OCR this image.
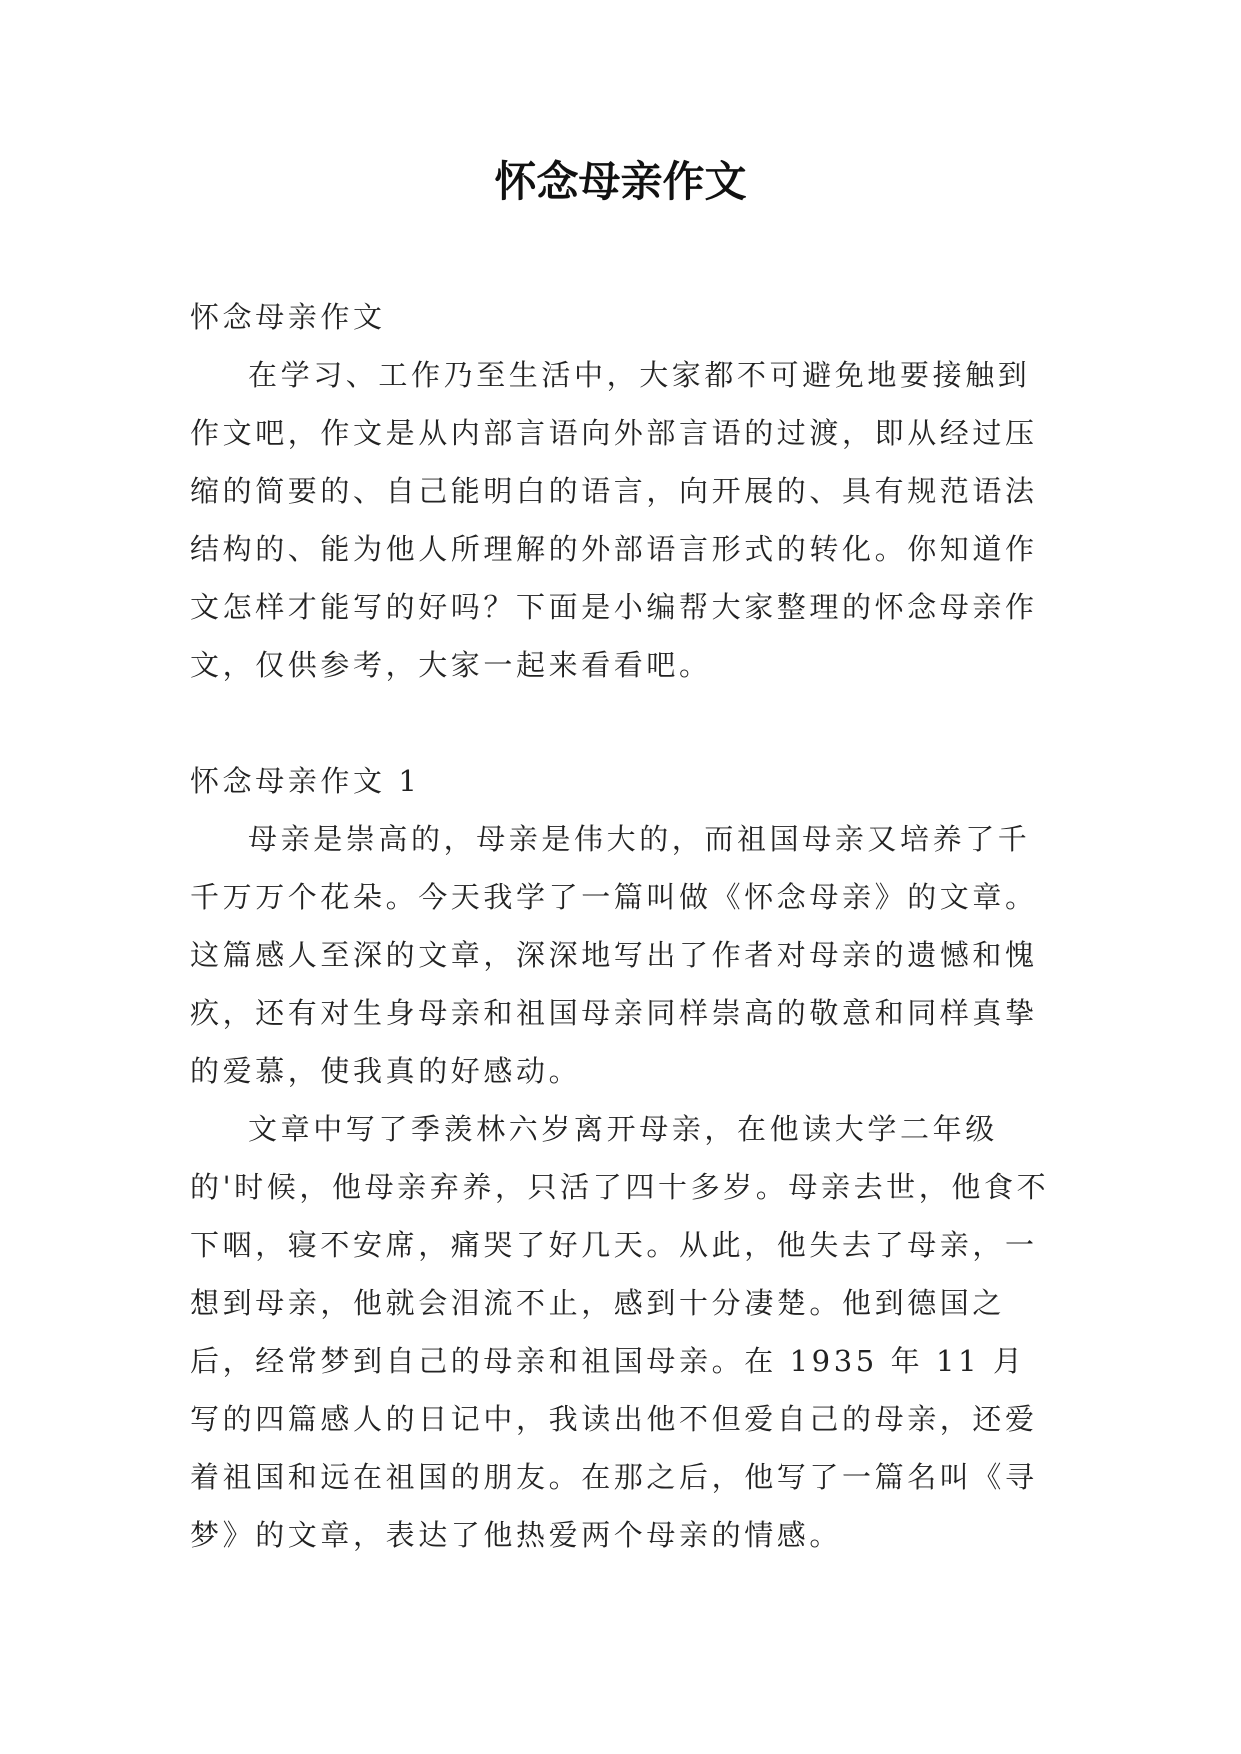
怀念母亲作文

怀念母亲作文

在学习、工作乃至生活中，大家都不可避免地要接触到作文吧，作文是从内部言语向外部言语的过渡，即从经过压缩的简要的、自己能明白的语言，向开展的、具有规范语法结构的、能为他人所理解的外部语言形式的转化。你知道作文怎样才能写的好吗？下面是小编帮大家整理的怀念母亲作文，仅供参考，大家一起来看看吧。

怀念母亲作文 1

母亲是崇高的，母亲是伟大的，而祖国母亲又培养了千千万万个花朵。今天我学了一篇叫做《怀念母亲》的文章。这篇感人至深的文章，深深地写出了作者对母亲的遗憾和愧疚，还有对生身母亲和祖国母亲同样崇高的敬意和同样真挚的爱慕，使我真的好感动。

文章中写了季羡林六岁离开母亲，在他读大学二年级的'时候，他母亲弃养，只活了四十多岁。母亲去世，他食不下咽，寝不安席，痛哭了好几天。从此，他失去了母亲，一想到母亲，他就会泪流不止，感到十分凄楚。他到德国之后，经常梦到自己的母亲和祖国母亲。在 1935 年 11 月写的四篇感人的日记中，我读出他不但爱自己的母亲，还爱着祖国和远在祖国的朋友。在那之后，他写了一篇名叫《寻梦》的文章，表达了他热爱两个母亲的情感。
